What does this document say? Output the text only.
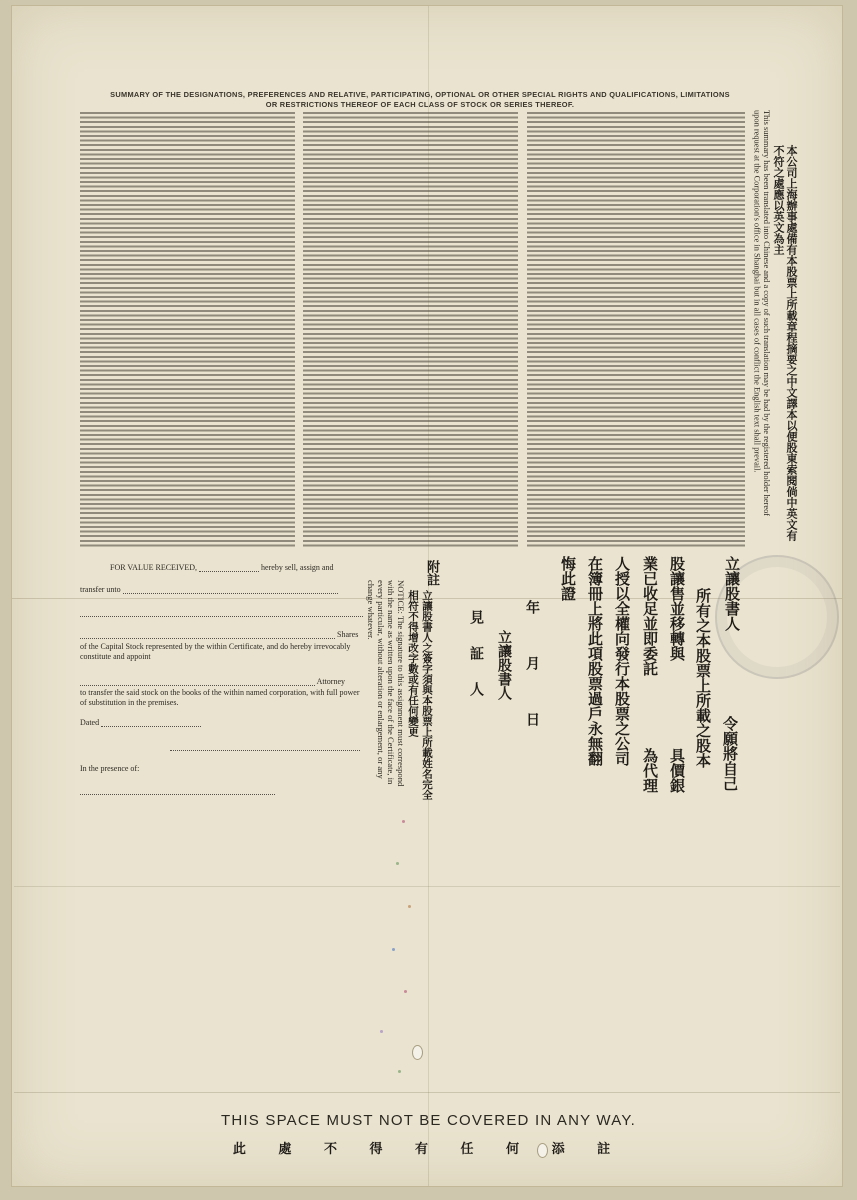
SUMMARY OF THE DESIGNATIONS, PREFERENCES AND RELATIVE, PARTICIPATING, OPTIONAL OR OTHER SPECIAL RIGHTS AND QUALIFICATIONS, LIMITATIONS
OR RESTRICTIONS THEREOF OF EACH CLASS OF STOCK OR SERIES THEREOF.
This summary has been translated into Chinese and a copy of such translation may be had by the registered holder hereof upon request at the Corporation's office in Shanghai but in all cases of conflict the English text shall prevail.	本公司上海辦事處備有本股票上所載章程摘要之中文譯本以便股東索閱倘中英文有不符之處應以英文為主
FOR VALUE RECEIVED,	hereby sell, assign and
transfer unto
Shares
of the Capital Stock represented by the within Certificate, and do hereby irrevocably constitute and appoint
Attorney
to transfer the said stock on the books of the within named corporation, with full power of substitution in the premises.
Dated
In the presence of:	NOTICE: The signature to this assignment must correspond with the name as written upon the face of the Certificate, in every particular, without alteration or enlargement, or any change whatever.
附註
立讓股書人之簽字須與本股票上所載姓名完全相符不得增改字數或有任何變更	立讓股書人
令願將自己
所有之本股票上所載之股本
股讓售並移轉與
具價銀
業已收足並即委託
為代理
人授以全權向發行本股票之公司
在簿冊上將此項股票過戶永無翻
悔此證
年　月　日
立讓股書人
見　証　人
THIS SPACE MUST NOT BE COVERED IN ANY WAY.
此 處 不 得 有 任 何 添 註
